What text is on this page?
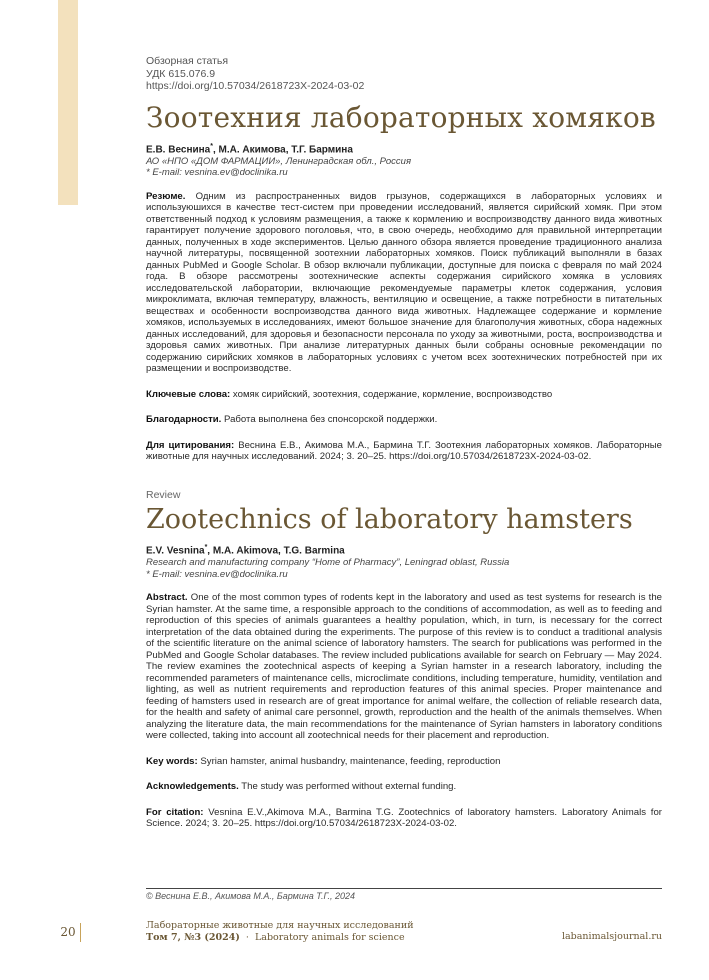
Обзорная статья
УДК 615.076.9
https://doi.org/10.57034/2618723X-2024-03-02
Зоотехния лабораторных хомяков
Е.В. Веснина*, М.А. Акимова, Т.Г. Бармина
АО «НПО «ДОМ ФАРМАЦИИ», Ленинградская обл., Россия
* E-mail: vesnina.ev@doclinika.ru
Резюме. Одним из распространенных видов грызунов, содержащихся в лабораторных условиях и используюшихся в качестве тест-систем при проведении исследований, является сирийский хомяк. При этом ответственный подход к условиям размещения, а также к кормлению и воспроизводству данного вида животных гарантирует получение здорового поголовья, что, в свою очередь, необходимо для правильной интерпретации данных, полученных в ходе экспериментов. Целью данного обзора является проведение традиционного анализа научной литературы, посвященной зоотехнии лабораторных хомяков. Поиск публикаций выполняли в базах данных PubMed и Google Scholar. В обзор включали публикации, доступные для поиска с февраля по май 2024 года. В обзоре рассмотрены зоотехнические аспекты содержания сирийского хомяка в условиях исследовательской лаборатории, включающие рекомендуемые параметры клеток содержания, условия микроклимата, включая температуру, влажность, вентиляцию и освещение, а также потребности в питательных веществах и особенности воспроизводства данного вида животных. Надлежащее содержание и кормление хомяков, используемых в исследованиях, имеют большое значение для благополучия животных, сбора надежных данных исследований, для здоровья и безопасности персонала по уходу за животными, роста, воспроизводства и здоровья самих животных. При анализе литературных данных были собраны основные рекомендации по содержанию сирийских хомяков в лабораторных условиях с учетом всех зоотехнических потребностей при их размещении и воспроизводстве.
Ключевые слова: хомяк сирийский, зоотехния, содержание, кормление, воспроизводство
Благодарности. Работа выполнена без спонсорской поддержки.
Для цитирования: Веснина Е.В., Акимова М.А., Бармина Т.Г. Зоотехния лабораторных хомяков. Лабораторные животные для научных исследований. 2024; 3. 20–25. https://doi.org/10.57034/2618723X-2024-03-02.
Review
Zootechnics of laboratory hamsters
E.V. Vesnina*, M.A. Akimova, T.G. Barmina
Research and manufacturing company “Home of Pharmacy”, Leningrad oblast, Russia
* E-mail: vesnina.ev@doclinika.ru
Abstract. One of the most common types of rodents kept in the laboratory and used as test systems for research is the Syrian hamster. At the same time, a responsible approach to the conditions of accommodation, as well as to feeding and reproduction of this species of animals guarantees a healthy population, which, in turn, is necessary for the correct interpretation of the data obtained during the experiments. The purpose of this review is to conduct a traditional analysis of the scientific literature on the animal science of laboratory hamsters. The search for publications was performed in the PubMed and Google Scholar databases. The review included publications available for search on February — May 2024. The review examines the zootechnical aspects of keeping a Syrian hamster in a research laboratory, including the recommended parameters of maintenance cells, microclimate conditions, including temperature, humidity, ventilation and lighting, as well as nutrient requirements and reproduction features of this animal species. Proper maintenance and feeding of hamsters used in research are of great importance for animal welfare, the collection of reliable research data, for the health and safety of animal care personnel, growth, reproduction and the health of the animals themselves. When analyzing the literature data, the main recommendations for the maintenance of Syrian hamsters in laboratory conditions were collected, taking into account all zootechnical needs for their placement and reproduction.
Key words: Syrian hamster, animal husbandry, maintenance, feeding, reproduction
Acknowledgements. The study was performed without external funding.
For citation: Vesnina E.V.,Akimova M.A., Barmina T.G. Zootechnics of laboratory hamsters. Laboratory Animals for Science. 2024; 3. 20–25. https://doi.org/10.57034/2618723X-2024-03-02.
© Веснина Е.В., Акимова М.А., Бармина Т.Г., 2024
20	Лабораторные животные для научных исследований
Том 7, №3 (2024) · Laboratory animals for science	labanimalsjournal.ru
